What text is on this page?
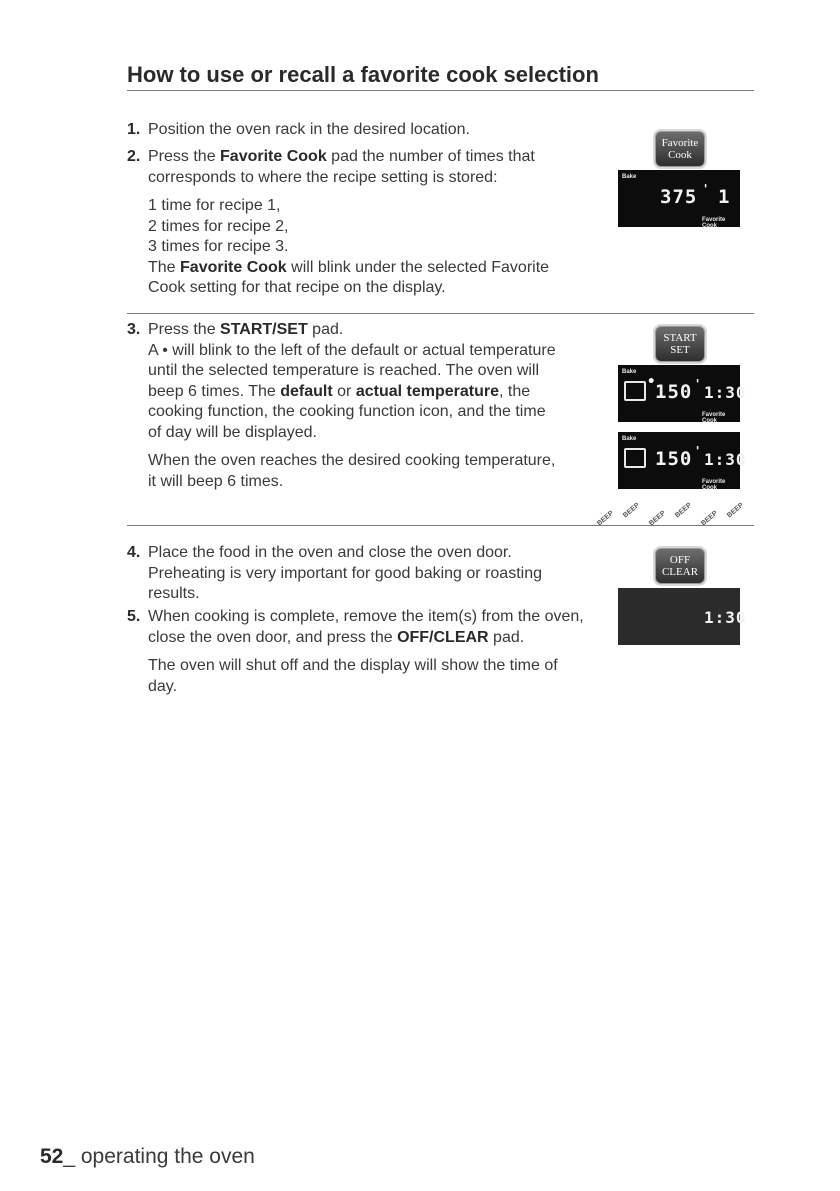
How to use or recall a favorite cook selection
1. Position the oven rack in the desired location.

2. Press the Favorite Cook pad the number of times that corresponds to where the recipe setting is stored:

1 time for recipe 1,

2 times for recipe 2,

3 times for recipe 3.

The Favorite Cook will blink under the selected Favorite Cook setting for that recipe on the display.

3. Press the START/SET pad.

A • will blink to the left of the default or actual temperature until the selected temperature is reached. The oven will beep 6 times. The default or actual temperature, the cooking function, the cooking function icon, and the time of day will be displayed.

When the oven reaches the desired cooking temperature, it will beep 6 times.

4. Place the food in the oven and close the oven door. Preheating is very important for good baking or roasting results.

5. When cooking is complete, remove the item(s) from the oven, close the oven door, and press the OFF/CLEAR pad.

The oven will shut off and the display will show the time of day.

Favorite
Cook
Bake
375 ' 1
Favorite Cook
START
SET
Bake
•
150 ' 1:30
Favorite Cook
Bake
150 ' 1:30
Favorite Cook
BEEP BEEP BEEP BEEP BEEP BEEP
OFF
CLEAR
1:30
52_ operating the oven
